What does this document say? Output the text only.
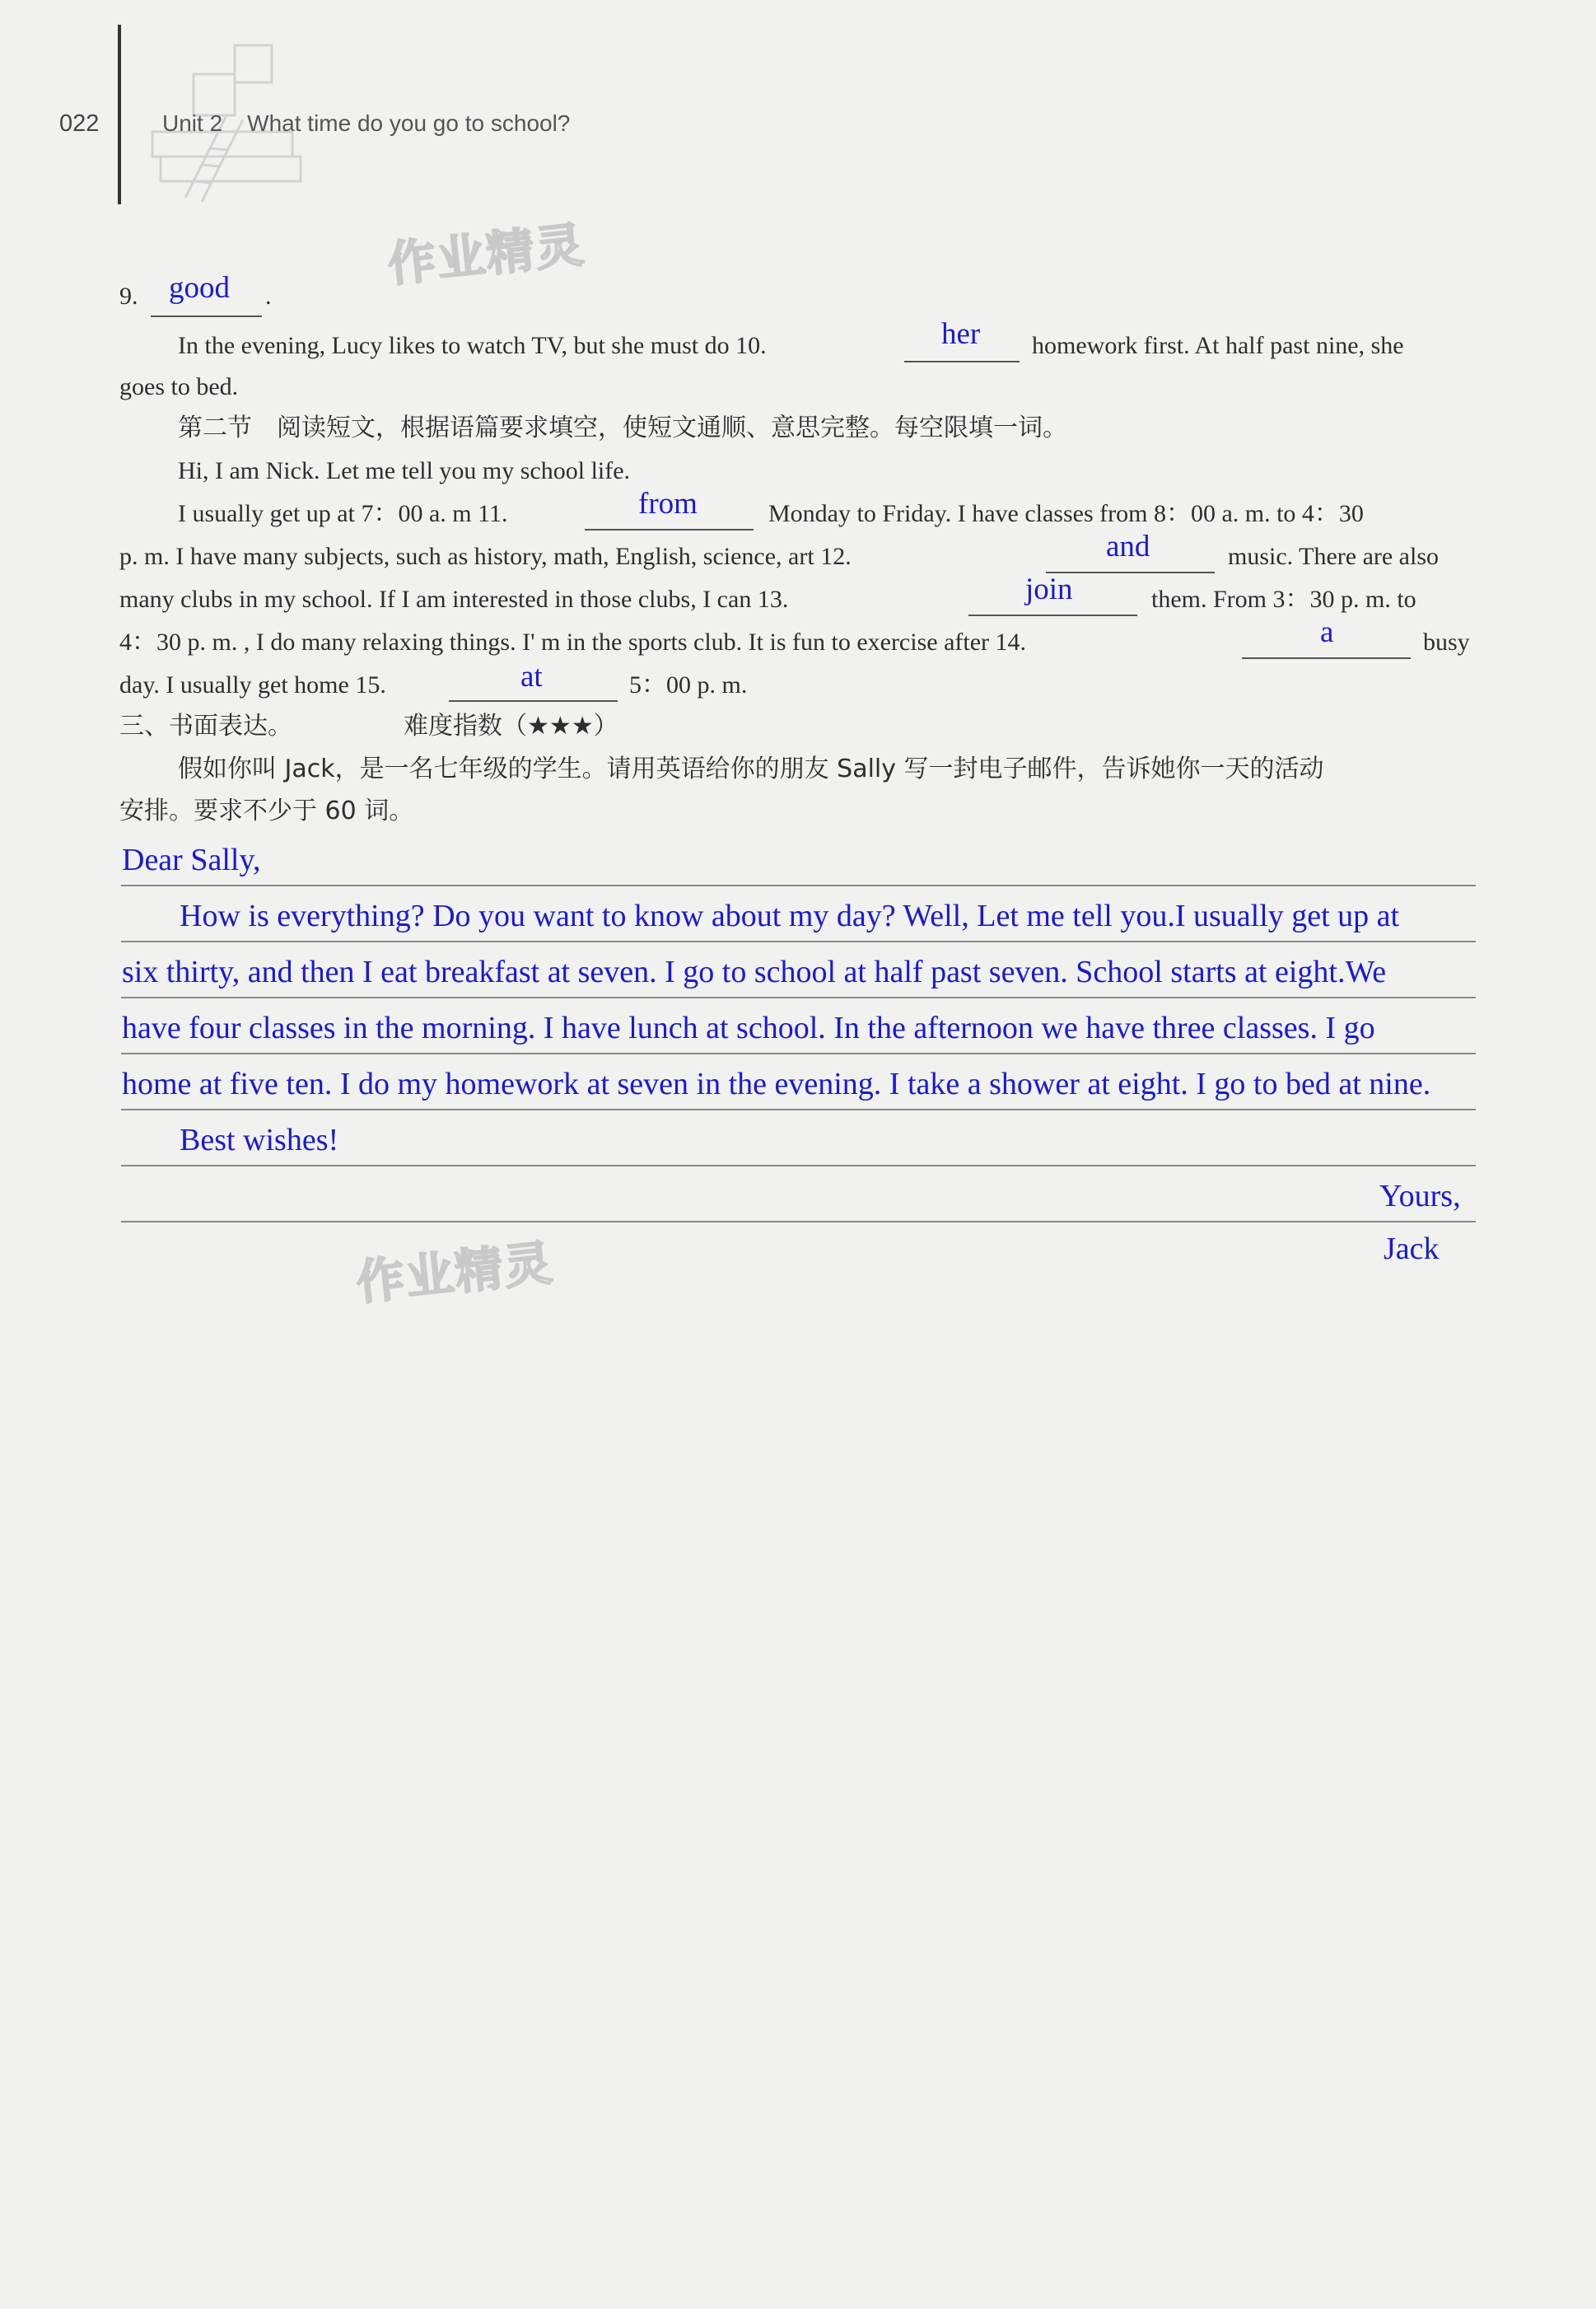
022	Unit 2 What time do you go to school?
作业精灵
作业精灵
9. good .
In the evening, Lucy likes to watch TV, but she must do 10.	her homework first. At half past nine, she
goes to bed.
第二节　阅读短文，根据语篇要求填空，使短文通顺、意思完整。每空限填一词。
Hi, I am Nick. Let me tell you my school life.
I usually get up at 7：00 a. m 11.	from	Monday to Friday. I have classes from 8：00 a. m. to 4：30
p. m. I have many subjects, such as history, math, English, science, art 12.	and	music. There are also
many clubs in my school. If I am interested in those clubs, I can 13.	join	them. From 3：30 p. m. to
4：30 p. m. , I do many relaxing things. I' m in the sports club. It is fun to exercise after 14.	a	busy
day. I usually get home 15.	at	5：00 p. m.
三、书面表达。	难度指数（★★★）
假如你叫 Jack，是一名七年级的学生。请用英语给你的朋友 Sally 写一封电子邮件，告诉她你一天的活动
安排。要求不少于 60 词。
Dear Sally,
How is everything? Do you want to know about my day? Well, Let me tell you.I usually get up at
six thirty, and then I eat breakfast at seven. I go to school at half past seven. School starts at eight.We
have four classes in the morning. I have lunch at school. In the afternoon we have three classes. I go
home at five ten. I do my homework at seven in the evening. I take a shower at eight. I go to bed at nine.
Best wishes!
Yours,
Jack
